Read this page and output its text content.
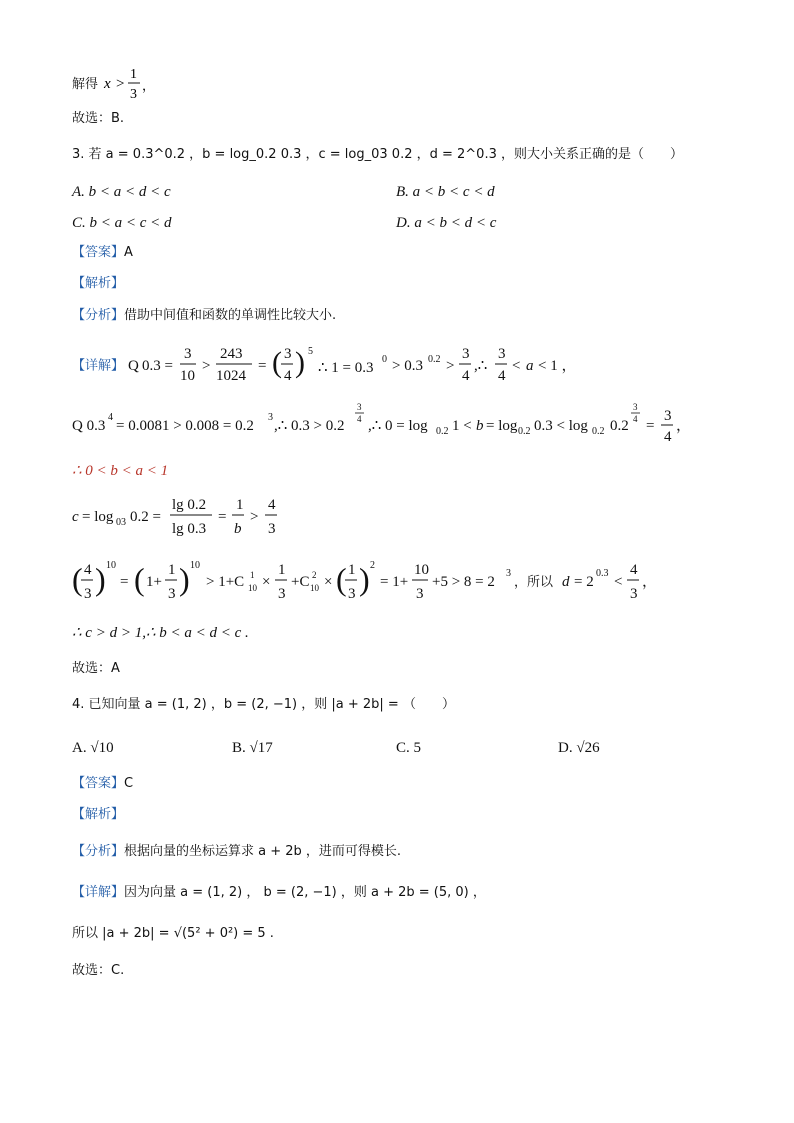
解得 x >
1
3
，
故选：B.
3. 若 a = 0.3^0.2 ，b = log_0.2 0.3 ，c = log_03 0.2 ，d = 2^0.3 ，则大小关系正确的是（　　）
A. b < a < d < c	B. a < b < c < d
C. b < a < c < d	D. a < b < d < c
【答案】A
【解析】
【分析】借助中间值和函数的单调性比较大小.
【详解】 Q 0.3 =
3
10
>
243
1024
= ( 3
4 ) 5
∴ 1 = 0.3
0 > 0.3 0.2 >
3
4
,∴
3
4
< a < 1 ，
Q 0.3
4
= 0.0081 > 0.008 = 0.2
3
,∴ 0.3 > 0.2
3
4 ,∴ 0 = log 0.2 1 < b = log 0.2 0.3 < log 0.2 0.2
3
4 =
3
4
，
∴ 0 < b < a < 1
c = log 03 0.2 =
lg 0.2
lg 0.3
=
1
b
>
4
3
( 4
3 ) 10
= ( 1+
1
3 ) 10
> 1+C 1
10 ×
1
3
+C 2
10 × ( 1
3 ) 2
= 1+
10
3
+5 > 8 = 2
3
，所以 d = 2
0.3
<
4
3
，
∴ c > d > 1,∴ b < a < d < c .
故选：A
4. 已知向量 a = (1, 2) ，b = (2, −1) ，则 |a + 2b| = （　　）
A. √10	B. √17	C. 5	D. √26
【答案】C
【解析】
【分析】根据向量的坐标运算求 a + 2b ，进而可得模长.
【详解】因为向量 a = (1, 2) ， b = (2, −1) ，则 a + 2b = (5, 0) ，
所以 |a + 2b| = √(5² + 0²) = 5 .
故选：C.
